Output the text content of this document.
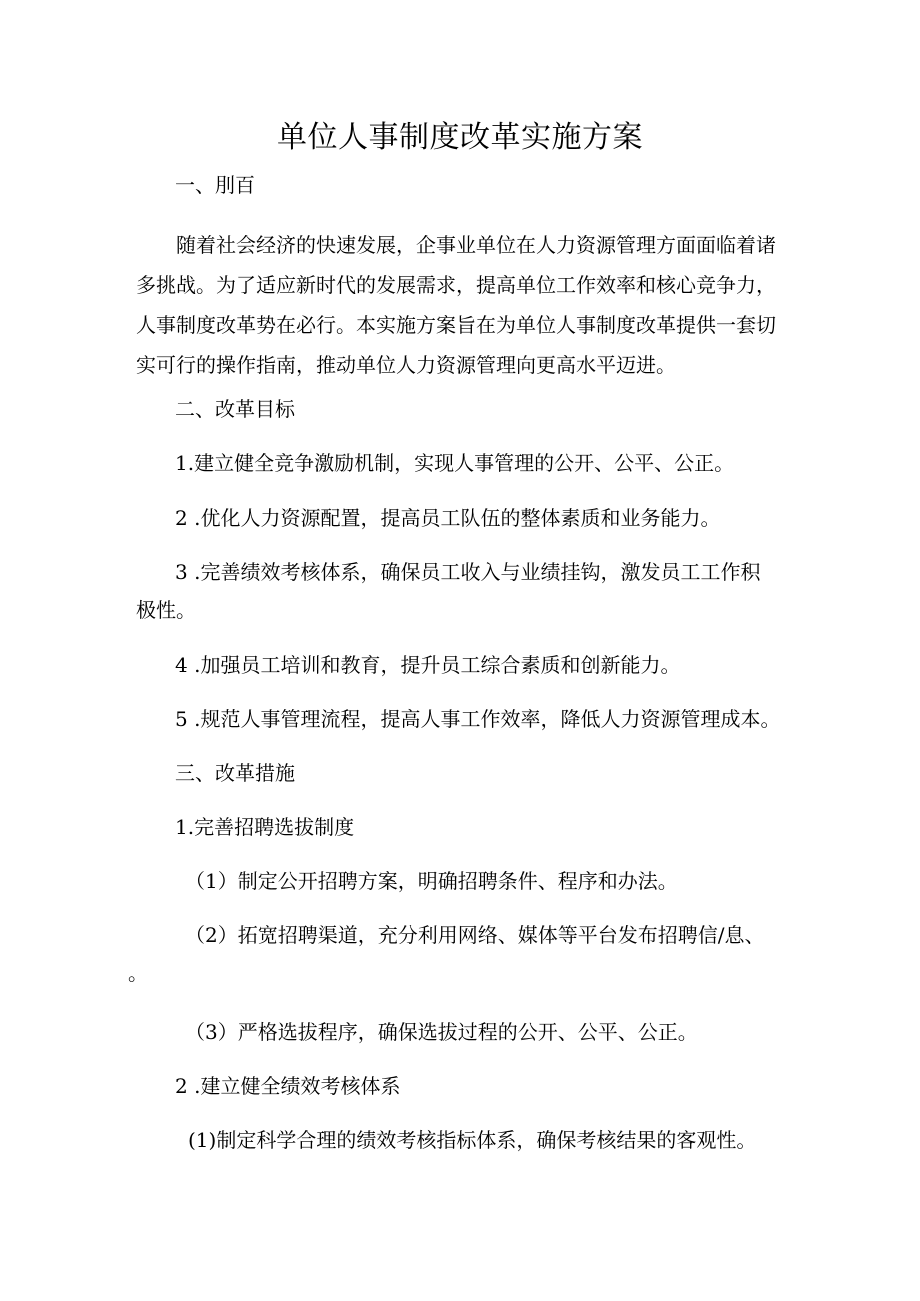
单位人事制度改革实施方案

一、刖百

随着社会经济的快速发展，企事业单位在人力资源管理方面面临着诸
多挑战。为了适应新时代的发展需求，提高单位工作效率和核心竞争力，
人事制度改革势在必行。本实施方案旨在为单位人事制度改革提供一套切
实可行的操作指南，推动单位人力资源管理向更高水平迈进。

二、改革目标

1.建立健全竞争激励机制，实现人事管理的公开、公平、公正。

2 .优化人力资源配置，提高员工队伍的整体素质和业务能力。

3 .完善绩效考核体系，确保员工收入与业绩挂钩，激发员工工作积

极性。

4 .加强员工培训和教育，提升员工综合素质和创新能力。

5 .规范人事管理流程，提高人事工作效率，降低人力资源管理成本。

三、改革措施

1.完善招聘选拔制度

（1）制定公开招聘方案，明确招聘条件、程序和办法。

（2）拓宽招聘渠道，充分利用网络、媒体等平台发布招聘信/息、

。

（3）严格选拔程序，确保选拔过程的公开、公平、公正。

2 .建立健全绩效考核体系

(1)制定科学合理的绩效考核指标体系，确保考核结果的客观性。
